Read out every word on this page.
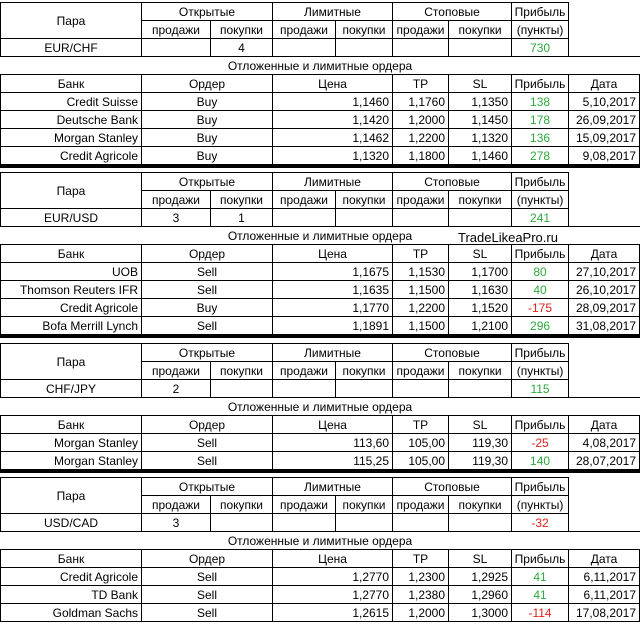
Пара	Открытые		Лимитные		Стоповые		Прибыль	
	продажи	покупки	продажи	покупки	продажи	покупки	(пункты)	
EUR/CHF		4					730	
Отложенные и лимитные ордера								
Банк	Ордер		Цена		TP	SL	Прибыль	Дата
Credit Suisse	Buy		1,1460		1,1760	1,1350	138	5,10,2017
Deutsche Bank	Buy		1,1420		1,2000	1,1450	178	26,09,2017
Morgan Stanley	Buy		1,1462		1,2200	1,1320	136	15,09,2017
Credit Agricole	Buy		1,1320		1,1800	1,1460	278	9,08,2017
Пара	Открытые		Лимитные		Стоповые		Прибыль	
	продажи	покупки	продажи	покупки	продажи	покупки	(пункты)	
EUR/USD	3	1					241	
Отложенные и лимитные ордера								
Банк	Ордер		Цена		TP	SL	Прибыль	Дата
UOB	Sell		1,1675		1,1530	1,1700	80	27,10,2017
Thomson Reuters IFR	Sell		1,1635		1,1500	1,1630	40	26,10,2017
Credit Agricole	Buy		1,1770		1,2200	1,1520	-175	28,09,2017
Bofa Merrill Lynch	Sell		1,1891		1,1500	1,2100	296	31,08,2017
Пара	Открытые		Лимитные		Стоповые		Прибыль	
	продажи	покупки	продажи	покупки	продажи	покупки	(пункты)	
CHF/JPY	2						115	
Отложенные и лимитные ордера								
Банк	Ордер		Цена		TP	SL	Прибыль	Дата
Morgan Stanley	Sell		113,60		105,00	119,30	-25	4,08,2017
Morgan Stanley	Sell		115,25		105,00	119,30	140	28,07,2017
Пара	Открытые		Лимитные		Стоповые		Прибыль	
	продажи	покупки	продажи	покупки	продажи	покупки	(пункты)	
USD/CAD	3						-32	
Отложенные и лимитные ордера								
Банк	Ордер		Цена		TP	SL	Прибыль	Дата
Credit Agricole	Sell		1,2770		1,2300	1,2925	41	6,11,2017
TD Bank	Sell		1,2770		1,2380	1,2960	41	6,11,2017
Goldman Sachs	Sell		1,2615		1,2000	1,3000	-114	17,08,2017
TradeLikeaPro.ru
